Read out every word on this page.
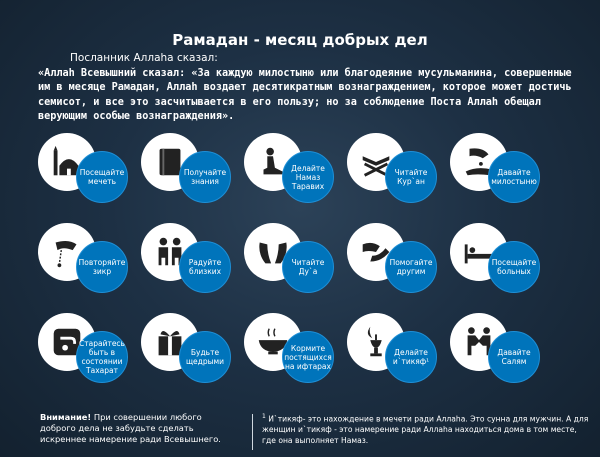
Рамадан - месяц добрых дел
Посланник Аллаhа сказал:
«Аллаh Всевышний сказал: «За каждую милостыню или благодеяние мусульманина, совершенные им в месяце Рамадан, Аллаh воздает десятикратным вознаграждением, которое может достичь семисот, и все это засчитывается в его пользу; но за соблюдение Поста Аллаh обещал верующим особые вознаграждения».
Посещайте мечеть
Получайте знания
Делайте Намаз Таравих
Читайте Кур`ан
Давайте милостыню
Повторяйте зикр
Радуйте близких
Читайте Ду`а
Помогайте другим
Посещайте больных
Старайтесь быть в состоянии Тахарат
Будьте щедрыми
Кормите постящихся на ифтарах
Делайте и`тикяф¹
Давайте Салям
Внимание! При совершении любого доброго дела не забудьте сделать искреннее намерение ради Всевышнего.
$^1$ И`тикяф- это нахождение в мечети ради Аллаhа. Это сунна для мужчин. А для женщин и`тикяф - это намерение ради Аллаhа находиться дома в том месте, где она выполняет Намаз.
